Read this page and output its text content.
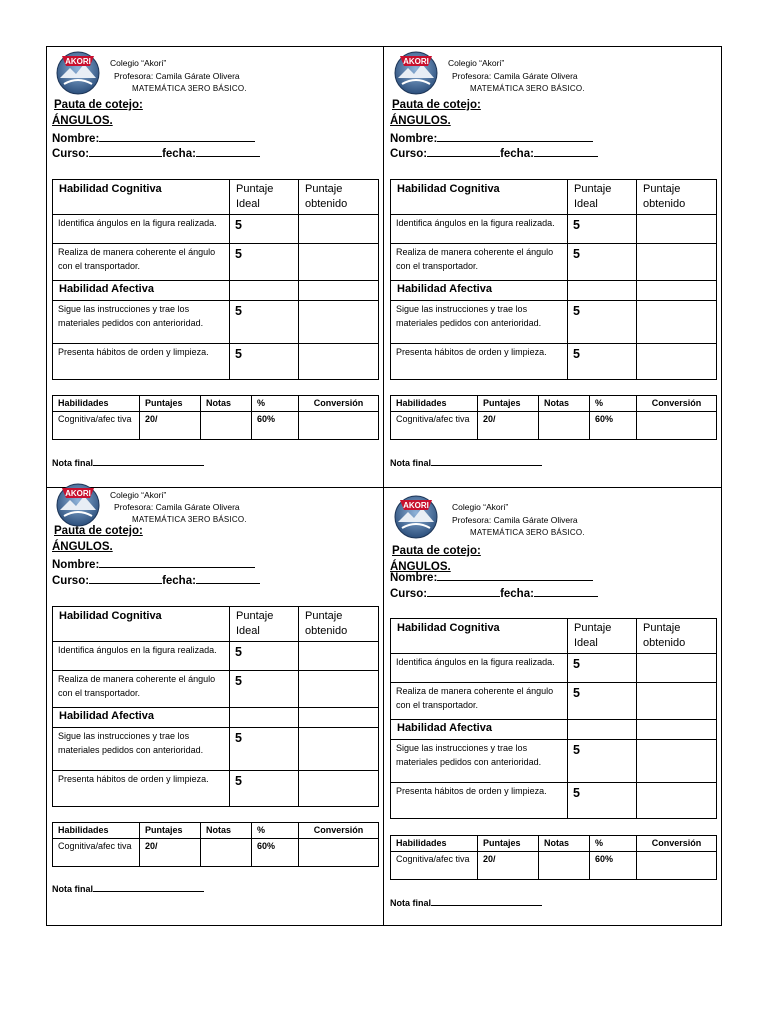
AKORI Colegio “Akori”
Profesora: Camila Gárate Olivera
MATEMÁTICA 3ERO BÁSICO.
Pauta de cotejo:
ÁNGULOS.
Nombre:
Curso:	fecha:
Habilidad Cognitiva	Puntaje Ideal	Puntaje obtenido
Identifica ángulos en la figura realizada.	5	
Realiza de manera coherente el ángulo con el transportador.	5	
Habilidad Afectiva		
Sigue las instrucciones y trae los materiales pedidos con anterioridad.	5	
Presenta hábitos de orden y limpieza.	5	
Habilidades	Puntajes	Notas	%	Conversión
Cognitiva/afec tiva	20/		60%	
Nota final
AKORI Colegio “Akori”
Profesora: Camila Gárate Olivera
MATEMÁTICA 3ERO BÁSICO.
Pauta de cotejo:
ÁNGULOS.
Nombre:
Curso:	fecha:
Habilidad Cognitiva	Puntaje Ideal	Puntaje obtenido
Identifica ángulos en la figura realizada.	5	
Realiza de manera coherente el ángulo con el transportador.	5	
Habilidad Afectiva		
Sigue las instrucciones y trae los materiales pedidos con anterioridad.	5	
Presenta hábitos de orden y limpieza.	5	
Habilidades	Puntajes	Notas	%	Conversión
Cognitiva/afec tiva	20/		60%	
Nota final
AKORI Colegio “Akori”
Profesora: Camila Gárate Olivera
MATEMÁTICA 3ERO BÁSICO.
Pauta de cotejo:
ÁNGULOS.
Nombre:
Curso:	fecha:
Habilidad Cognitiva	Puntaje Ideal	Puntaje obtenido
Identifica ángulos en la figura realizada.	5	
Realiza de manera coherente el ángulo con el transportador.	5	
Habilidad Afectiva		
Sigue las instrucciones y trae los materiales pedidos con anterioridad.	5	
Presenta hábitos de orden y limpieza.	5	
Habilidades	Puntajes	Notas	%	Conversión
Cognitiva/afec tiva	20/		60%	
Nota final
AKORI	Colegio “Akori”
Profesora: Camila Gárate Olivera
MATEMÁTICA 3ERO BÁSICO.
Pauta de cotejo:
ÁNGULOS.
Nombre:
Curso:	fecha:
Habilidad Cognitiva	Puntaje Ideal	Puntaje obtenido
Identifica ángulos en la figura realizada.	5	
Realiza de manera coherente el ángulo con el transportador.	5	
Habilidad Afectiva		
Sigue las instrucciones y trae los materiales pedidos con anterioridad.	5	
Presenta hábitos de orden y limpieza.	5	
Habilidades	Puntajes	Notas	%	Conversión
Cognitiva/afec tiva	20/		60%	
Nota final
